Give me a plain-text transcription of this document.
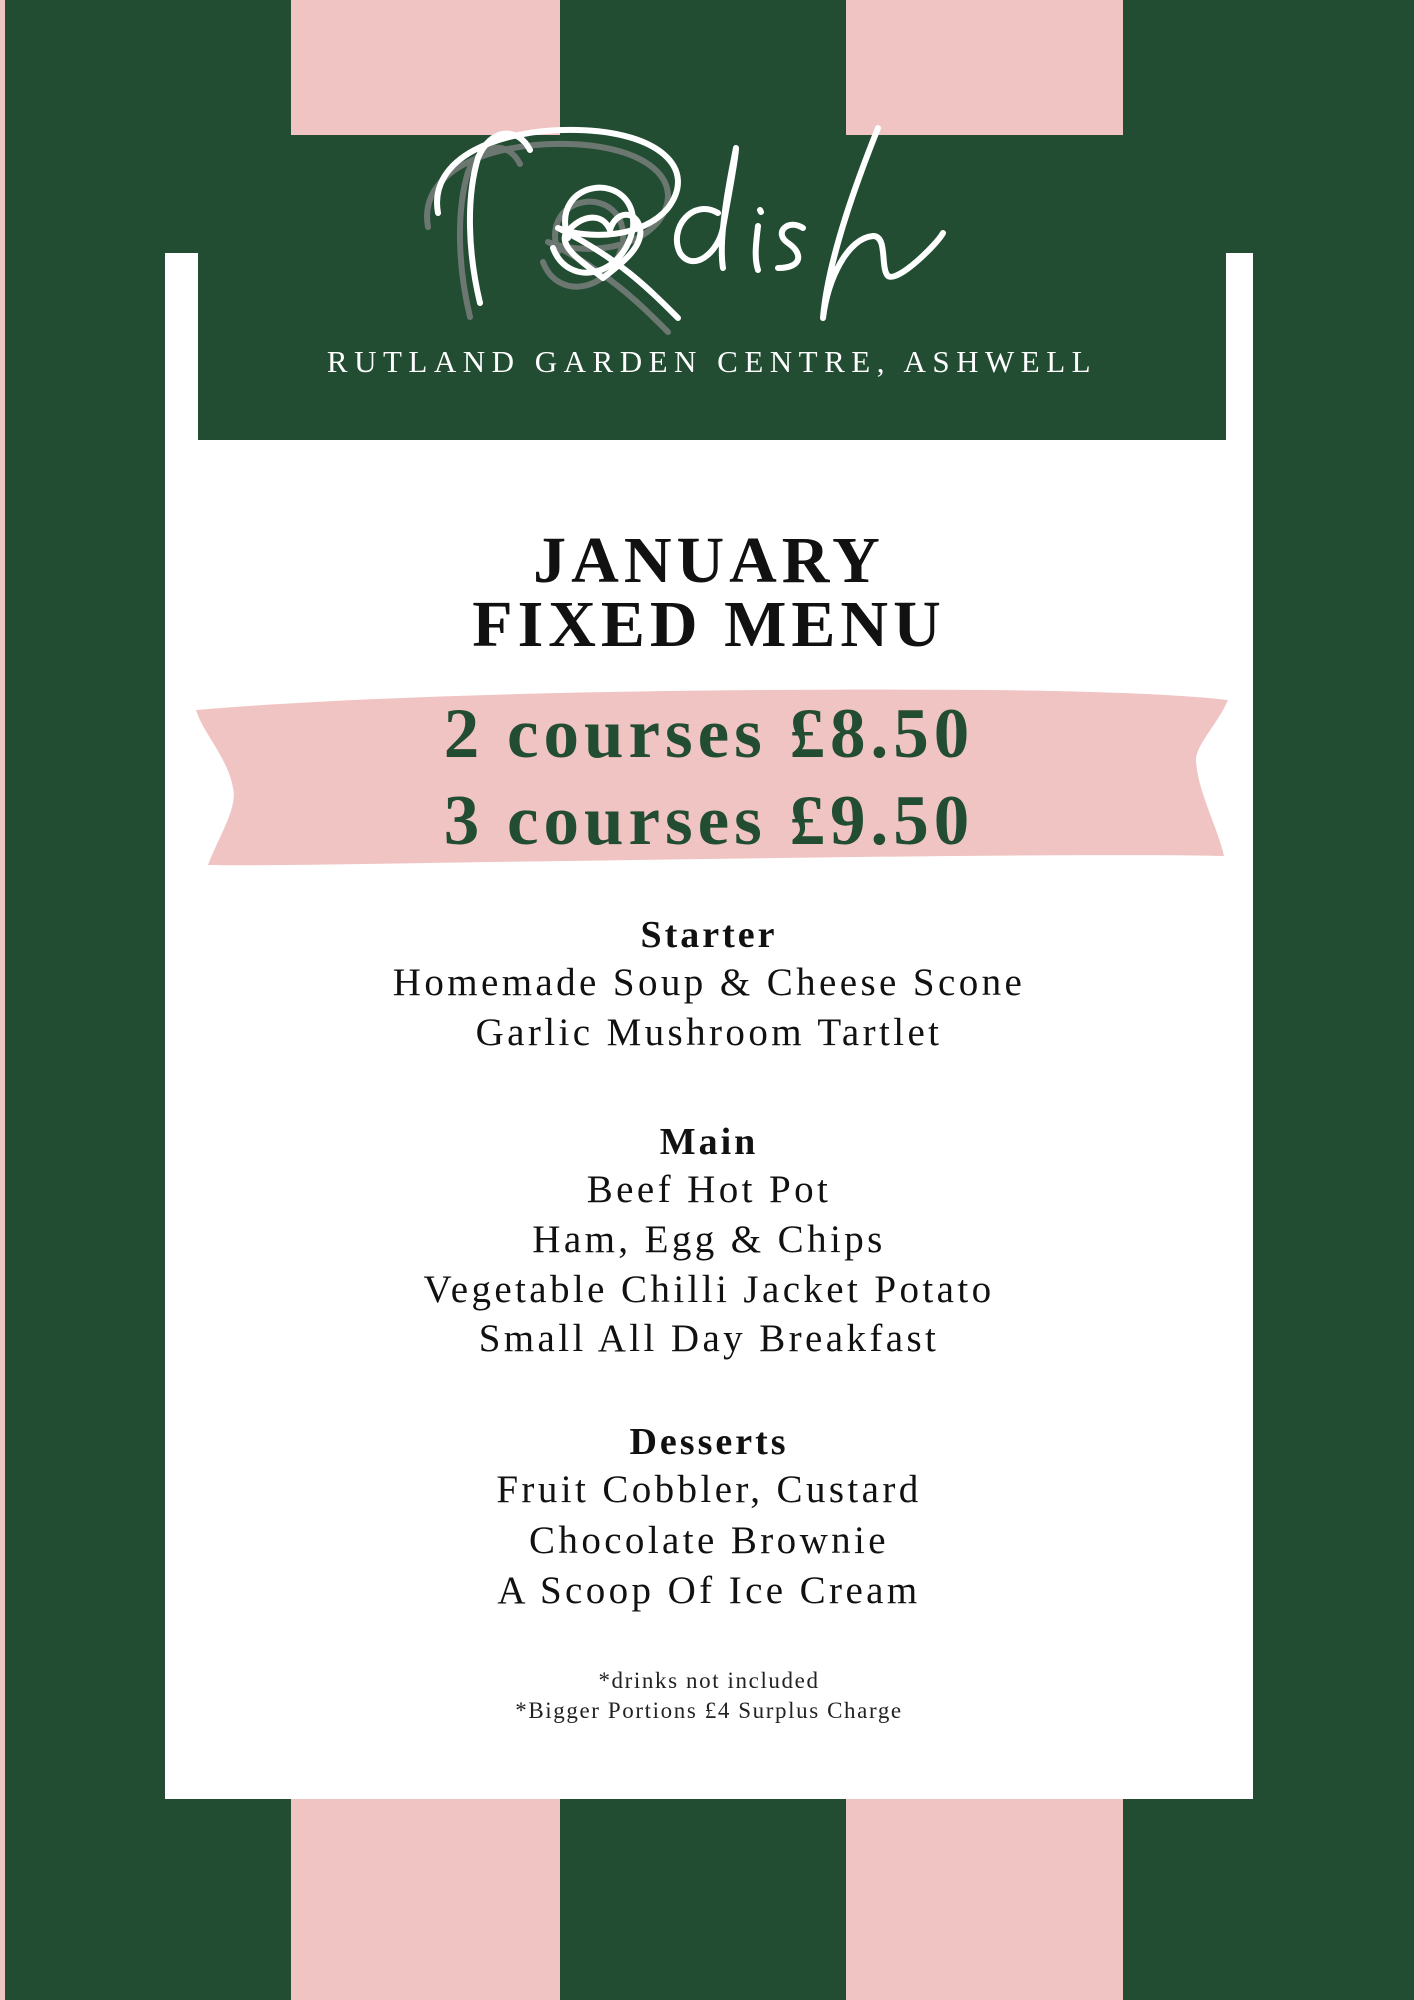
RUTLAND GARDEN CENTRE, ASHWELL
JANUARY
FIXED MENU
2 courses £8.50
3 courses £9.50
Starter
Homemade Soup & Cheese Scone
Garlic Mushroom Tartlet
Main
Beef Hot Pot
Ham, Egg & Chips
Vegetable Chilli Jacket Potato
Small All Day Breakfast
Desserts
Fruit Cobbler, Custard
Chocolate Brownie
A Scoop Of Ice Cream
*drinks not included
*Bigger Portions £4 Surplus Charge
